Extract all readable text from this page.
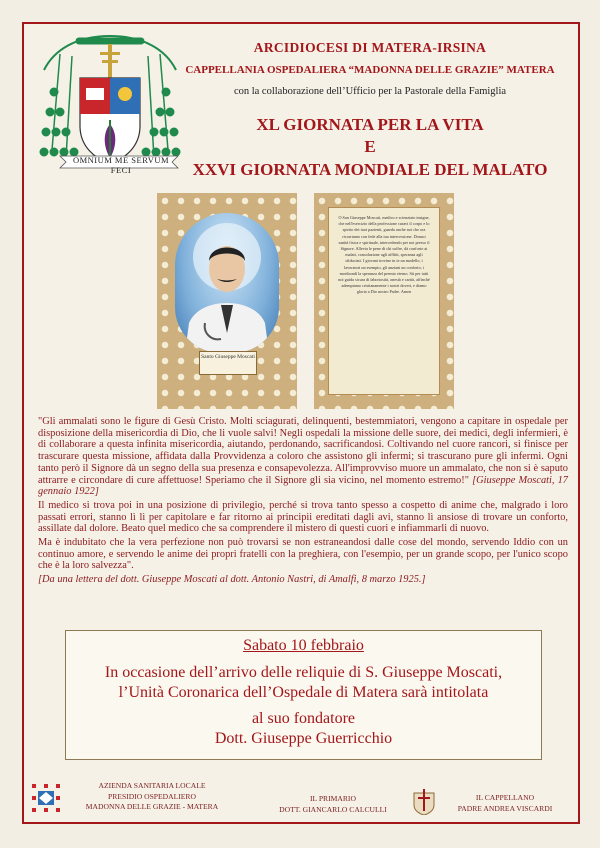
OMNIUM ME SERVUM FECI
ARCIDIOCESI DI MATERA-IRSINA
CAPPELLANIA OSPEDALIERA “MADONNA DELLE GRAZIE” MATERA
con la collaborazione dell’Ufficio per la Pastorale della Famiglia
XL GIORNATA PER LA VITA
E
XXVI GIORNATA MONDIALE DEL MALATO
Santo Giuseppe Moscati
O San Giuseppe Moscati, medico e scienziato insigne, che nell'esercizio della professione curavi il corpo e lo spirito dei tuoi pazienti, guarda anche noi che ora ricorriamo con fede alla tua intercessione. Donaci sanità fisica e spirituale, intercedendo per noi presso il Signore. Allevia le pene di chi soffre, dà conforto ai malati, consolazione agli afflitti, speranza agli sfiduciati. I giovani trovino in te un modello, i lavoratori un esempio, gli anziani un conforto, i moribondi la speranza del premio eterno. Sii per tutti noi guida sicura di laboriosità, onestà e carità, affinché adempiamo cristianamente i nostri doveri, e diamo gloria a Dio nostro Padre. Amen

"Gli ammalati sono le figure di Gesù Cristo. Molti sciagurati, delinquenti, bestemmiatori, vengono a capitare in ospedale per disposizione della misericordia di Dio, che li vuole salvi! Negli ospedali la missione delle suore, dei medici, degli infermieri, è di collaborare a questa infinita misericordia, aiutando, perdonando, sacrificandosi. Coltivando nel cuore rancori, si finisce per trascurare questa missione, affidata dalla Provvidenza a coloro che assistono gli infermi; si trascurano pure gli infermi. Ogni tanto però il Signore dà un segno della sua presenza e consapevolezza. All'improvviso muore un ammalato, che non si è saputo attrarre e circondare di cure affettuose! Speriamo che il Signore gli sia vicino, nel momento estremo!" [Giuseppe Moscati, 17 gennaio 1922]

Il medico si trova poi in una posizione di privilegio, perché si trova tanto spesso a cospetto di anime che, malgrado i loro passati errori, stanno lì lì per capitolare e far ritorno ai principii ereditati dagli avi, stanno lì ansiose di trovare un conforto, assillate dal dolore. Beato quel medico che sa comprendere il mistero di questi cuori e infiammarli di nuovo.

Ma è indubitato che la vera perfezione non può trovarsi se non estraneandosi dalle cose del mondo, servendo Iddio con un continuo amore, e servendo le anime dei propri fratelli con la preghiera, con l'esempio, per un grande scopo, per l'unico scopo che è la loro salvezza".

[Da una lettera del dott. Giuseppe Moscati al dott. Antonio Nastri, di Amalfi, 8 marzo 1925.]

Sabato 10 febbraio
In occasione dell’arrivo delle reliquie di S. Giuseppe Moscati,
l’Unità Coronarica dell’Ospedale di Matera sarà intitolata
al suo fondatore
Dott. Giuseppe Guerricchio
AZIENDA SANITARIA LOCALE
PRESIDIO OSPEDALIERO
MADONNA DELLE GRAZIE - MATERA
IL PRIMARIO
DOTT. GIANCARLO CALCULLI
IL CAPPELLANO
PADRE ANDREA VISCARDI
